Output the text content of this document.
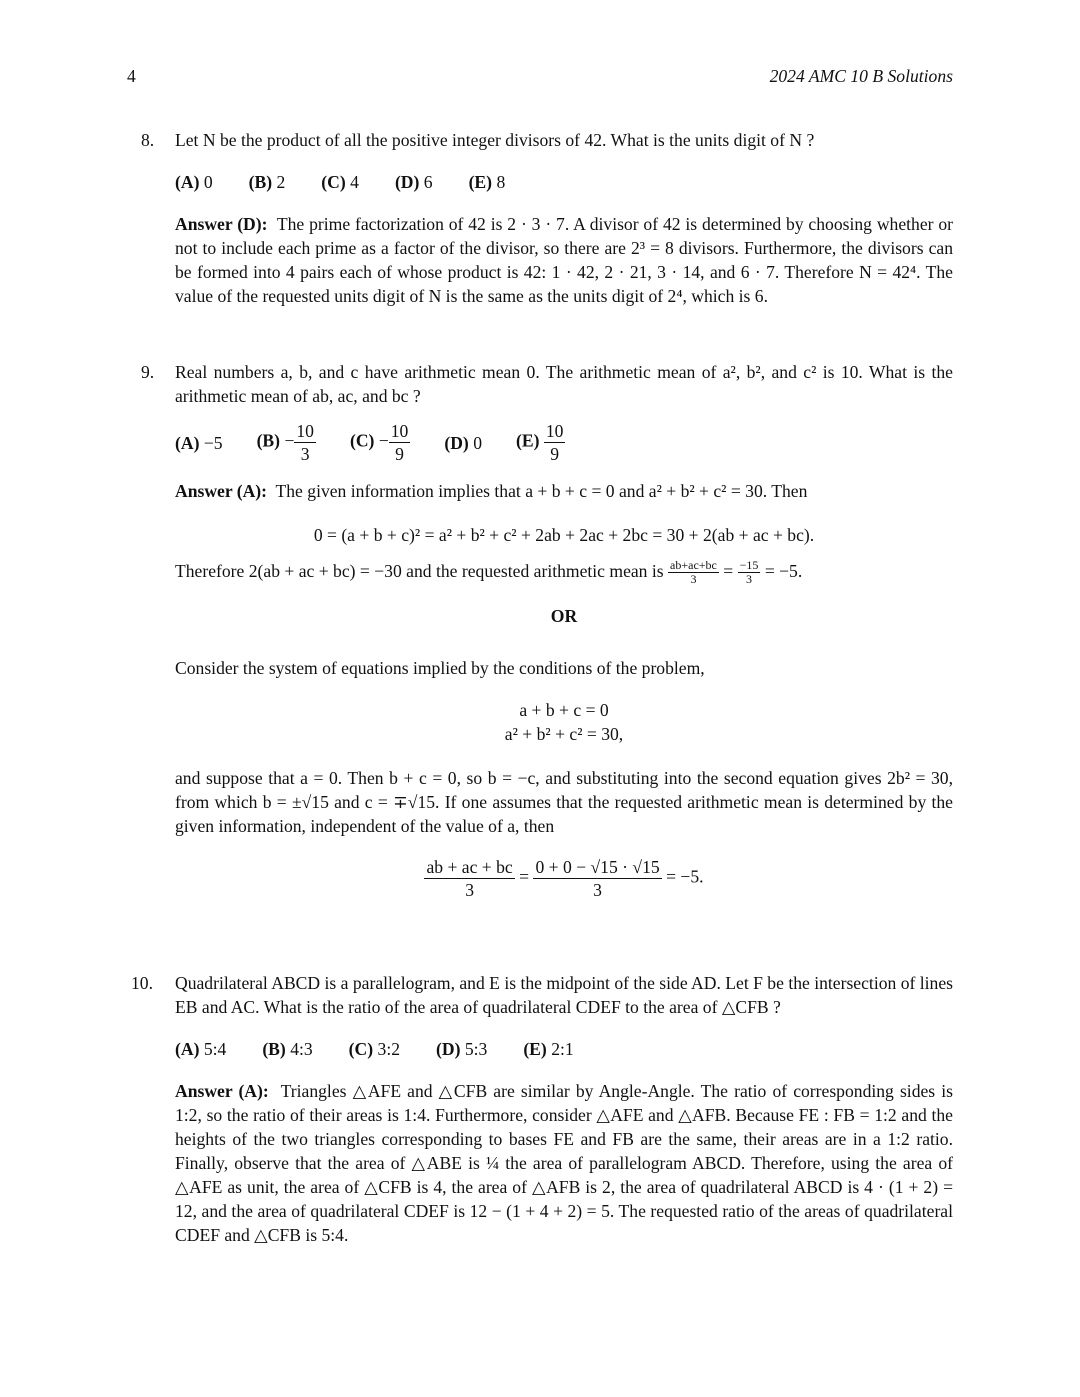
4	2024 AMC 10 B Solutions
8. Let N be the product of all the positive integer divisors of 42. What is the units digit of N ?

(A) 0 (B) 2 (C) 4 (D) 6 (E) 8

Answer (D): The prime factorization of 42 is 2 · 3 · 7. A divisor of 42 is determined by choosing whether or not to include each prime as a factor of the divisor, so there are 2³ = 8 divisors. Furthermore, the divisors can be formed into 4 pairs each of whose product is 42: 1 · 42, 2 · 21, 3 · 14, and 6 · 7. Therefore N = 42⁴. The value of the requested units digit of N is the same as the units digit of 2⁴, which is 6.

9. Real numbers a, b, and c have arithmetic mean 0. The arithmetic mean of a², b², and c² is 10. What is the arithmetic mean of ab, ac, and bc ?

(A) −5 $(B) - \frac{10}{3} (C) - \frac{10}{9} (D)$ 0 $(E) \frac{10}{9}$

Answer (A): The given information implies that a + b + c = 0 and a² + b² + c² = 30. Then

0 = (a + b + c)² = a² + b² + c² + 2ab + 2ac + 2bc = 30 + 2(ab + ac + bc).

Therefore 2(ab + ac + bc) = −30 and the requested arithmetic mean is $\frac{ab+ac+bc}{3} = \frac{-15}{3} = -5$.

OR

Consider the system of equations implied by the conditions of the problem,

a + b + c = 0

a² + b² + c² = 30,

and suppose that a = 0. Then b + c = 0, so b = −c, and substituting into the second equation gives 2b² = 30, from which b = ±√15 and c = ∓√15. If one assumes that the requested arithmetic mean is determined by the given information, independent of the value of a, then

$\frac{ab + ac + bc}{3} = \frac{0 + 0 - √15 \cdot √15}{3} = -5$.
10. Quadrilateral ABCD is a parallelogram, and E is the midpoint of the side AD. Let F be the intersection of lines EB and AC. What is the ratio of the area of quadrilateral CDEF to the area of △CFB ?

(A) 5:4 (B) 4:3 (C) 3:2 (D) 5:3 (E) 2:1

Answer (A): Triangles △AFE and △CFB are similar by Angle-Angle. The ratio of corresponding sides is 1:2, so the ratio of their areas is 1:4. Furthermore, consider △AFE and △AFB. Because FE : FB = 1:2 and the heights of the two triangles corresponding to bases FE and FB are the same, their areas are in a 1:2 ratio. Finally, observe that the area of △ABE is ¼ the area of parallelogram ABCD. Therefore, using the area of △AFE as unit, the area of △CFB is 4, the area of △AFB is 2, the area of quadrilateral ABCD is 4 · (1 + 2) = 12, and the area of quadrilateral CDEF is 12 − (1 + 4 + 2) = 5. The requested ratio of the areas of quadrilateral CDEF and △CFB is 5:4.
